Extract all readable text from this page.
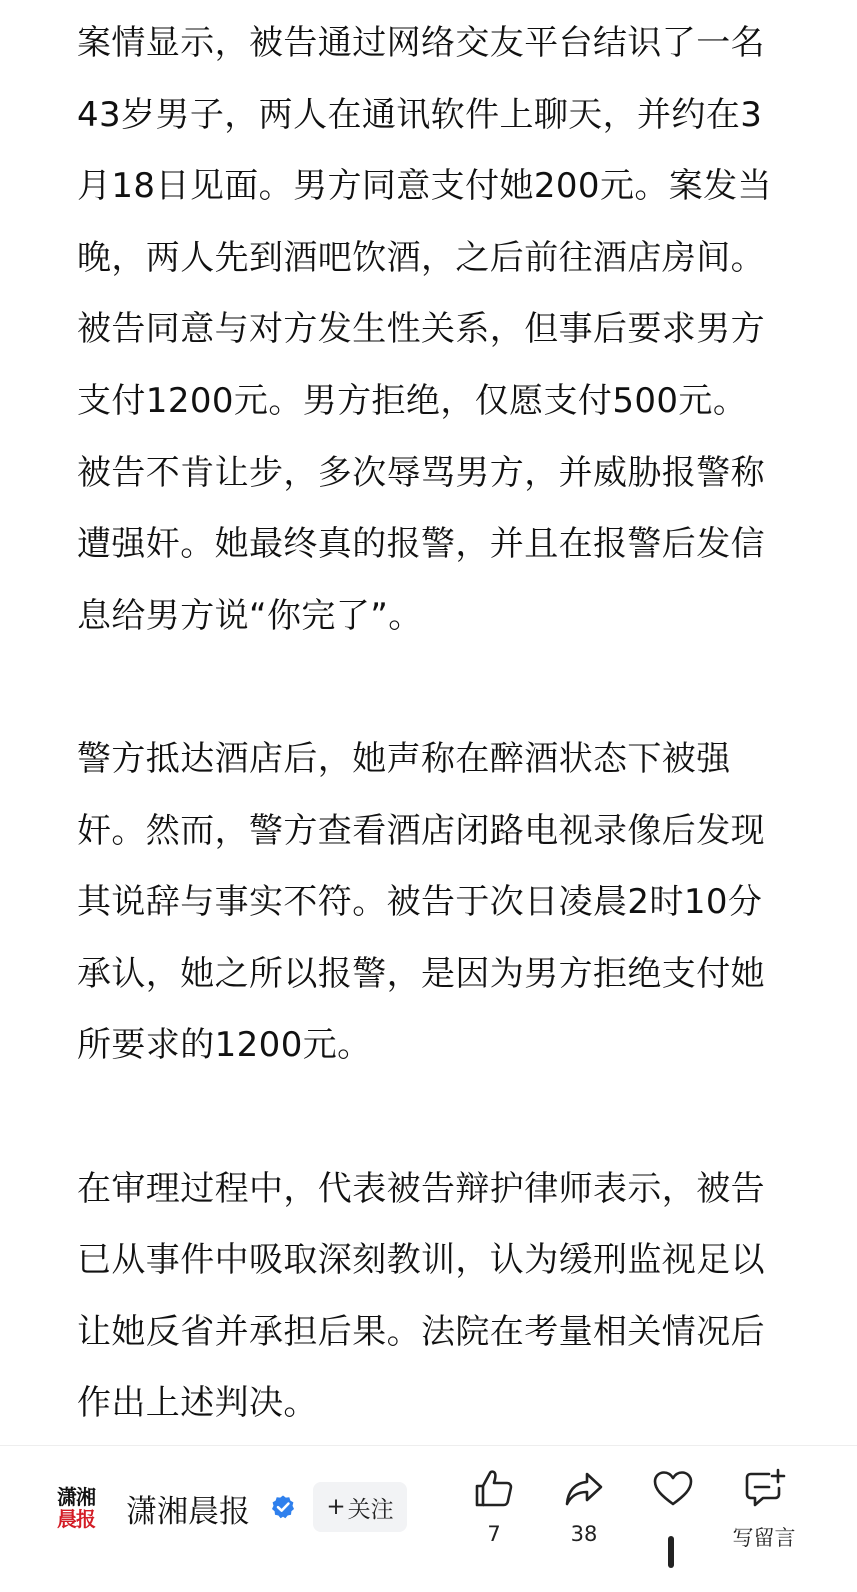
案情显示，被告通过网络交友平台结识了一名43岁男子，两人在通讯软件上聊天，并约在3月18日见面。男方同意支付她200元。案发当晚，两人先到酒吧饮酒，之后前往酒店房间。被告同意与对方发生性关系，但事后要求男方支付1200元。男方拒绝，仅愿支付500元。被告不肯让步，多次辱骂男方，并威胁报警称遭强奸。她最终真的报警，并且在报警后发信息给男方说“你完了”。

警方抵达酒店后，她声称在醉酒状态下被强奸。然而，警方查看酒店闭路电视录像后发现其说辞与事实不符。被告于次日凌晨2时10分承认，她之所以报警，是因为男方拒绝支付她所要求的1200元。

在审理过程中，代表被告辩护律师表示，被告已从事件中吸取深刻教训，认为缓刑监视足以让她反省并承担后果。法院在考量相关情况后作出上述判决。

潇湘
晨报 潇湘晨报	+ 关注
7	38	写留言
